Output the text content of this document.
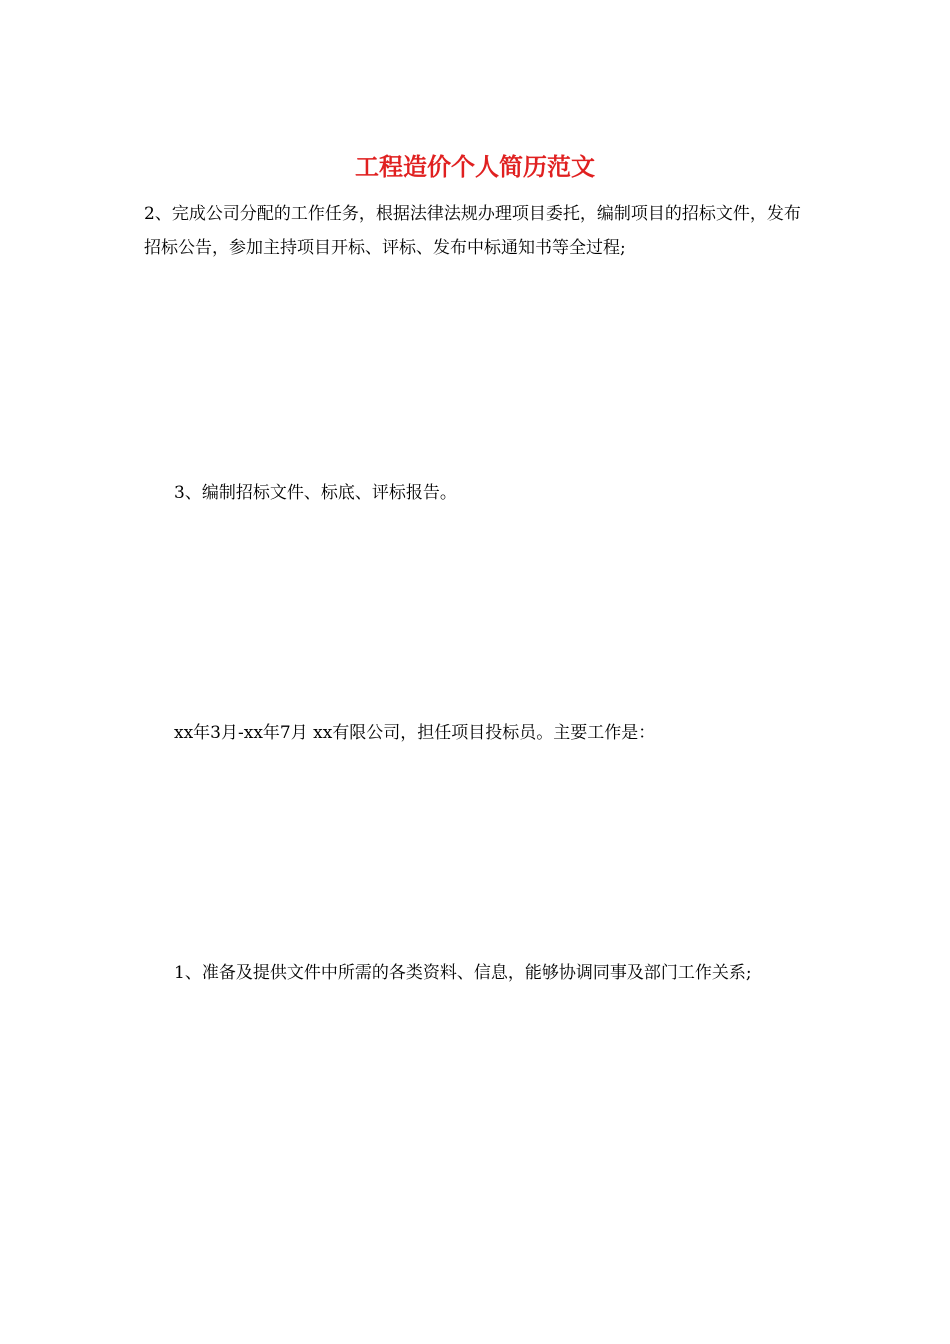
工程造价个人简历范文

2、完成公司分配的工作任务，根据法律法规办理项目委托，编制项目的招标文件，发布招标公告，参加主持项目开标、评标、发布中标通知书等全过程;

3、编制招标文件、标底、评标报告。

xx年3月-xx年7月 xx有限公司，担任项目投标员。主要工作是：

1、准备及提供文件中所需的各类资料、信息，能够协调同事及部门工作关系;
